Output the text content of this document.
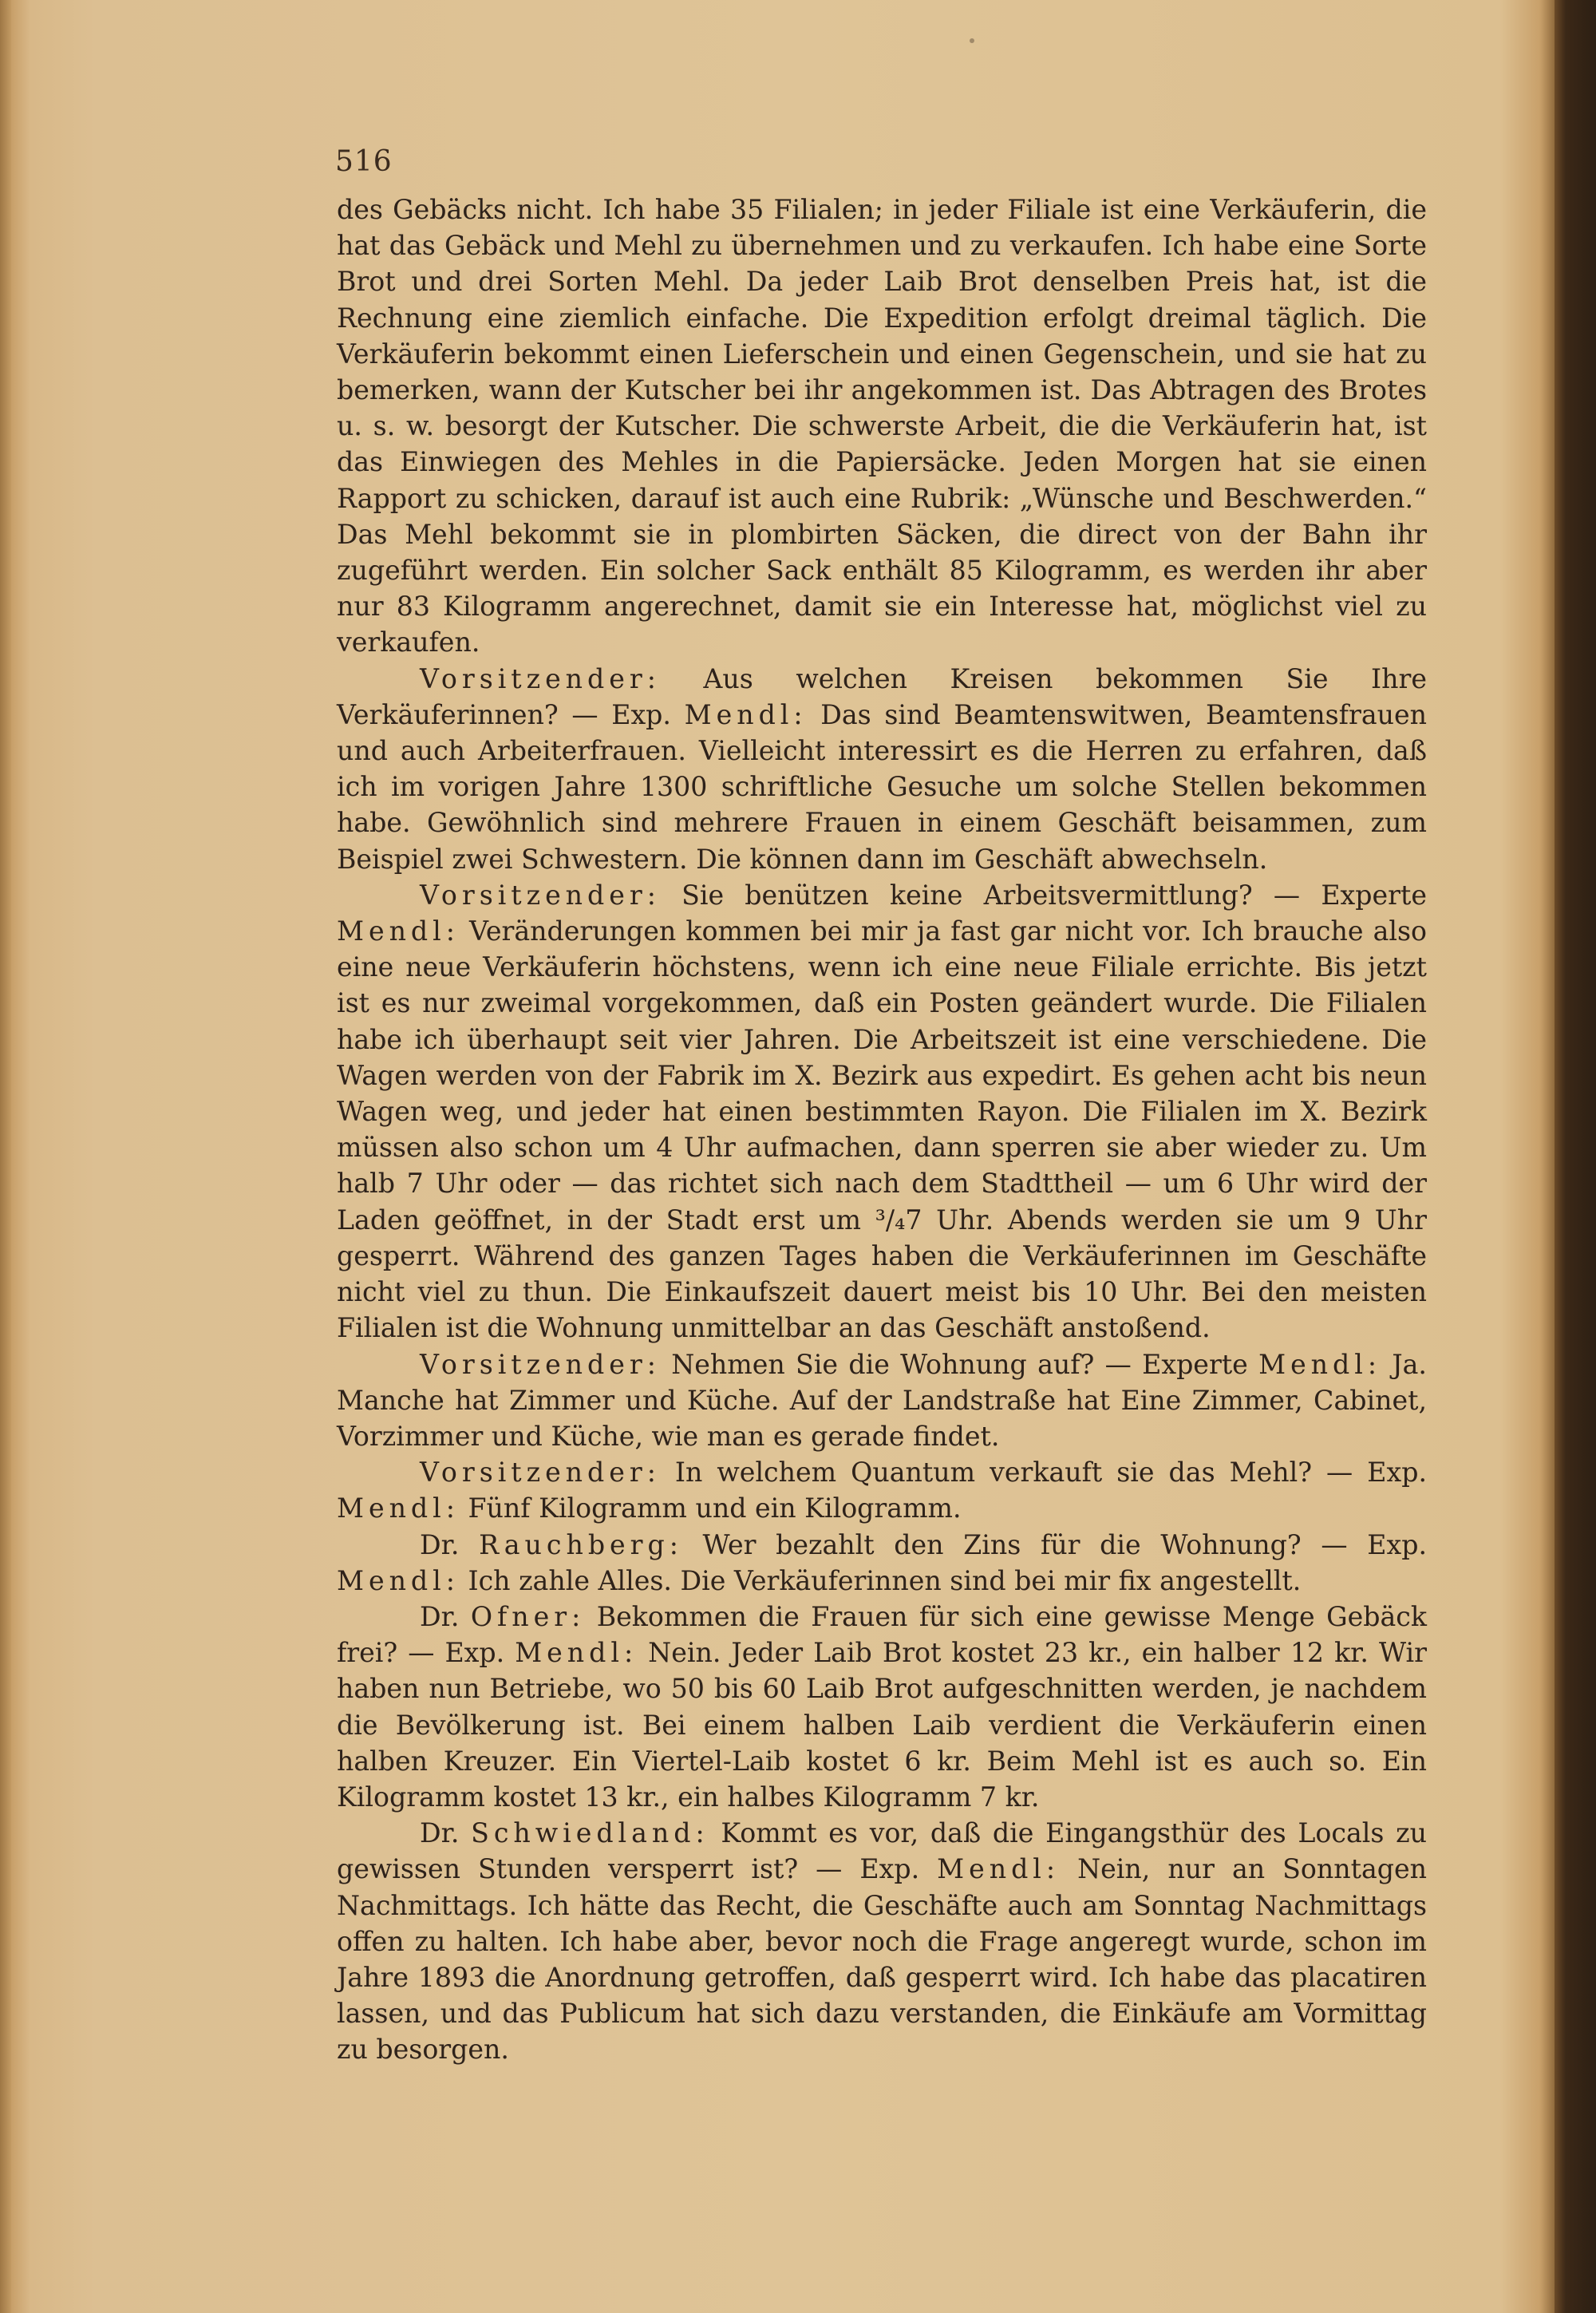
516

des Gebäcks nicht. Ich habe 35 Filialen; in jeder Filiale ist eine Verkäuferin, die hat das Gebäck und Mehl zu übernehmen und zu verkaufen. Ich habe eine Sorte Brot und drei Sorten Mehl. Da jeder Laib Brot denselben Preis hat, ist die Rechnung eine ziemlich einfache. Die Expedition erfolgt dreimal täglich. Die Verkäuferin bekommt einen Lieferschein und einen Gegenschein, und sie hat zu bemerken, wann der Kutscher bei ihr angekommen ist. Das Abtragen des Brotes u. s. w. besorgt der Kutscher. Die schwerste Arbeit, die die Verkäuferin hat, ist das Einwiegen des Mehles in die Papiersäcke. Jeden Morgen hat sie einen Rapport zu schicken, darauf ist auch eine Rubrik: „Wünsche und Beschwerden.“ Das Mehl bekommt sie in plombirten Säcken, die direct von der Bahn ihr zugeführt werden. Ein solcher Sack enthält 85 Kilogramm, es werden ihr aber nur 83 Kilogramm angerechnet, damit sie ein Interesse hat, möglichst viel zu verkaufen.

Vorsitzender: Aus welchen Kreisen bekommen Sie Ihre Verkäuferinnen? — Exp. Mendl: Das sind Beamtenswitwen, Beamtensfrauen und auch Arbeiterfrauen. Vielleicht interessirt es die Herren zu erfahren, daß ich im vorigen Jahre 1300 schriftliche Gesuche um solche Stellen bekommen habe. Gewöhnlich sind mehrere Frauen in einem Geschäft beisammen, zum Beispiel zwei Schwestern. Die können dann im Geschäft abwechseln.

Vorsitzender: Sie benützen keine Arbeitsvermittlung? — Experte Mendl: Veränderungen kommen bei mir ja fast gar nicht vor. Ich brauche also eine neue Verkäuferin höchstens, wenn ich eine neue Filiale errichte. Bis jetzt ist es nur zweimal vorgekommen, daß ein Posten geändert wurde. Die Filialen habe ich überhaupt seit vier Jahren. Die Arbeitszeit ist eine verschiedene. Die Wagen werden von der Fabrik im X. Bezirk aus expedirt. Es gehen acht bis neun Wagen weg, und jeder hat einen bestimmten Rayon. Die Filialen im X. Bezirk müssen also schon um 4 Uhr aufmachen, dann sperren sie aber wieder zu. Um halb 7 Uhr oder — das richtet sich nach dem Stadttheil — um 6 Uhr wird der Laden geöffnet, in der Stadt erst um ³/₄7 Uhr. Abends werden sie um 9 Uhr gesperrt. Während des ganzen Tages haben die Verkäuferinnen im Geschäfte nicht viel zu thun. Die Einkaufszeit dauert meist bis 10 Uhr. Bei den meisten Filialen ist die Wohnung unmittelbar an das Geschäft anstoßend.

Vorsitzender: Nehmen Sie die Wohnung auf? — Experte Mendl: Ja. Manche hat Zimmer und Küche. Auf der Landstraße hat Eine Zimmer, Cabinet, Vorzimmer und Küche, wie man es gerade findet.

Vorsitzender: In welchem Quantum verkauft sie das Mehl? — Exp. Mendl: Fünf Kilogramm und ein Kilogramm.

Dr. Rauchberg: Wer bezahlt den Zins für die Wohnung? — Exp. Mendl: Ich zahle Alles. Die Verkäuferinnen sind bei mir fix angestellt.

Dr. Ofner: Bekommen die Frauen für sich eine gewisse Menge Gebäck frei? — Exp. Mendl: Nein. Jeder Laib Brot kostet 23 kr., ein halber 12 kr. Wir haben nun Betriebe, wo 50 bis 60 Laib Brot aufgeschnitten werden, je nachdem die Bevölkerung ist. Bei einem halben Laib verdient die Verkäuferin einen halben Kreuzer. Ein Viertel-Laib kostet 6 kr. Beim Mehl ist es auch so. Ein Kilogramm kostet 13 kr., ein halbes Kilogramm 7 kr.

Dr. Schwiedland: Kommt es vor, daß die Eingangsthür des Locals zu gewissen Stunden versperrt ist? — Exp. Mendl: Nein, nur an Sonntagen Nachmittags. Ich hätte das Recht, die Geschäfte auch am Sonntag Nachmittags offen zu halten. Ich habe aber, bevor noch die Frage angeregt wurde, schon im Jahre 1893 die Anordnung getroffen, daß gesperrt wird. Ich habe das placatiren lassen, und das Publicum hat sich dazu verstanden, die Einkäufe am Vormittag zu besorgen.
